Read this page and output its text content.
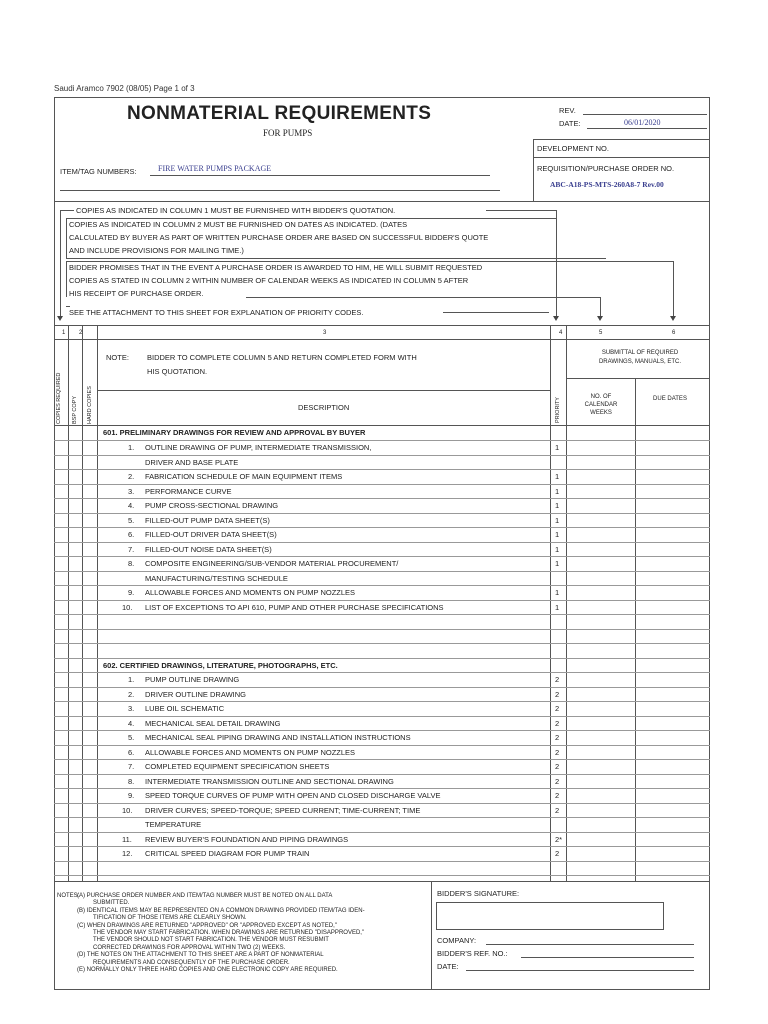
Saudi Aramco 7902 (08/05) Page 1 of 3
NONMATERIAL REQUIREMENTS
FOR PUMPS
REV.
DATE:	06/01/2020
DEVELOPMENT NO.
REQUISITION/PURCHASE ORDER NO.
ABC-A18-PS-MTS-260A8-7 Rev.00
ITEM/TAG NUMBERS:	FIRE WATER PUMPS PACKAGE
COPIES AS INDICATED IN COLUMN 1 MUST BE FURNISHED WITH BIDDER'S QUOTATION.
COPIES AS INDICATED IN COLUMN 2 MUST BE FURNISHED ON DATES AS INDICATED. (DATES
CALCULATED BY BUYER AS PART OF WRITTEN PURCHASE ORDER ARE BASED ON SUCCESSFUL BIDDER'S QUOTE
AND INCLUDE PROVISIONS FOR MAILING TIME.)
BIDDER PROMISES THAT IN THE EVENT A PURCHASE ORDER IS AWARDED TO HIM, HE WILL SUBMIT REQUESTED
COPIES AS STATED IN COLUMN 2 WITHIN NUMBER OF CALENDAR WEEKS AS INDICATED IN COLUMN 5 AFTER
HIS RECEIPT OF PURCHASE ORDER.
SEE THE ATTACHMENT TO THIS SHEET FOR EXPLANATION OF PRIORITY CODES.
1 2	3	4	5	6
COPIES REQUIRED BSP COPY HARD COPIES
NOTE: BIDDER TO COMPLETE COLUMN 5 AND RETURN COMPLETED FORM WITH
HIS QUOTATION.
SUBMITTAL OF REQUIRED DRAWINGS, MANUALS, ETC.
DESCRIPTION	PRIORITY
NO. OF CALENDAR WEEKS
DUE DATES
601. PRELIMINARY DRAWINGS FOR REVIEW AND APPROVAL BY BUYER
1. OUTLINE DRAWING OF PUMP, INTERMEDIATE TRANSMISSION,	1
DRIVER AND BASE PLATE
2. FABRICATION SCHEDULE OF MAIN EQUIPMENT ITEMS	1
3. PERFORMANCE CURVE	1
4. PUMP CROSS-SECTIONAL DRAWING	1
5. FILLED-OUT PUMP DATA SHEET(S)	1
6. FILLED-OUT DRIVER DATA SHEET(S)	1
7. FILLED-OUT NOISE DATA SHEET(S)	1
8. COMPOSITE ENGINEERING/SUB-VENDOR MATERIAL PROCUREMENT/	1
MANUFACTURING/TESTING SCHEDULE
9. ALLOWABLE FORCES AND MOMENTS ON PUMP NOZZLES	1
10. LIST OF EXCEPTIONS TO API 610, PUMP AND OTHER PURCHASE SPECIFICATIONS	1
602. CERTIFIED DRAWINGS, LITERATURE, PHOTOGRAPHS, ETC.
1. PUMP OUTLINE DRAWING	2
2. DRIVER OUTLINE DRAWING	2
3. LUBE OIL SCHEMATIC	2
4. MECHANICAL SEAL DETAIL DRAWING	2
5. MECHANICAL SEAL PIPING DRAWING AND INSTALLATION INSTRUCTIONS	2
6. ALLOWABLE FORCES AND MOMENTS ON PUMP NOZZLES	2
7. COMPLETED EQUIPMENT SPECIFICATION SHEETS	2
8. INTERMEDIATE TRANSMISSION OUTLINE AND SECTIONAL DRAWING	2
9. SPEED TORQUE CURVES OF PUMP WITH OPEN AND CLOSED DISCHARGE VALVE	2
10. DRIVER CURVES; SPEED-TORQUE; SPEED CURRENT; TIME-CURRENT; TIME	2
TEMPERATURE
11. REVIEW BUYER'S FOUNDATION AND PIPING DRAWINGS	2*
12. CRITICAL SPEED DIAGRAM FOR PUMP TRAIN	2
NOTES:
(A) PURCHASE ORDER NUMBER AND ITEM/TAG NUMBER MUST BE NOTED ON ALL DATA
SUBMITTED.
(B) IDENTICAL ITEMS MAY BE REPRESENTED ON A COMMON DRAWING PROVIDED ITEM/TAG IDEN-
TIFICATION OF THOSE ITEMS ARE CLEARLY SHOWN.
(C) WHEN DRAWINGS ARE RETURNED "APPROVED" OR "APPROVED EXCEPT AS NOTED,"
THE VENDOR MAY START FABRICATION. WHEN DRAWINGS ARE RETURNED "DISAPPROVED,"
THE VENDOR SHOULD NOT START FABRICATION. THE VENDOR MUST RESUBMIT
CORRECTED DRAWINGS FOR APPROVAL WITHIN TWO (2) WEEKS.
(D) THE NOTES ON THE ATTACHMENT TO THIS SHEET ARE A PART OF NONMATERIAL
REQUIREMENTS AND CONSEQUENTLY OF THE PURCHASE ORDER.
(E) NORMALLY ONLY THREE HARD COPIES AND ONE ELECTRONIC COPY ARE REQUIRED.
BIDDER'S SIGNATURE:
COMPANY:
BIDDER'S REF. NO.:
DATE:
